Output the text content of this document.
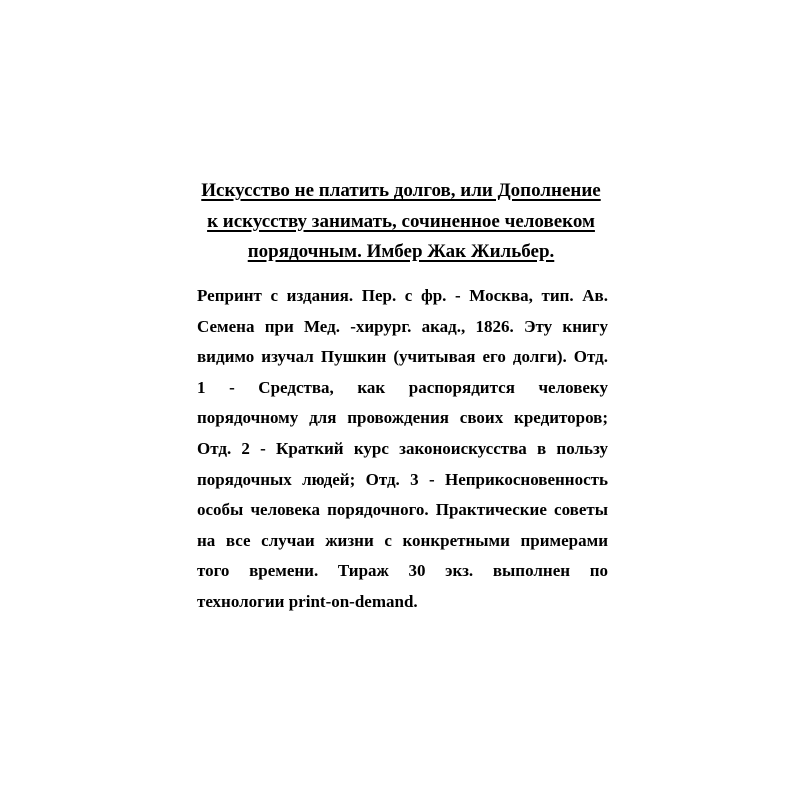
Искусство не платить долгов, или Дополнение
к искусству занимать, сочиненное человеком
порядочным. Имбер Жак Жильбер.
Репринт с издания. Пер. с фр. - Москва, тип. Ав.
Семена при Мед. -хирург. акад., 1826. Эту книгу
видимо изучал Пушкин (учитывая его долги). Отд.
1 - Средства, как распорядится человеку
порядочному для провождения своих кредиторов;
Отд. 2 - Краткий курс законоискусства в пользу
порядочных людей; Отд. 3 - Неприкосновенность
особы человека порядочного. Практические советы
на все случаи жизни с конкретными примерами
того времени. Тираж 30 экз. выполнен по
технологии print-on-demand.
